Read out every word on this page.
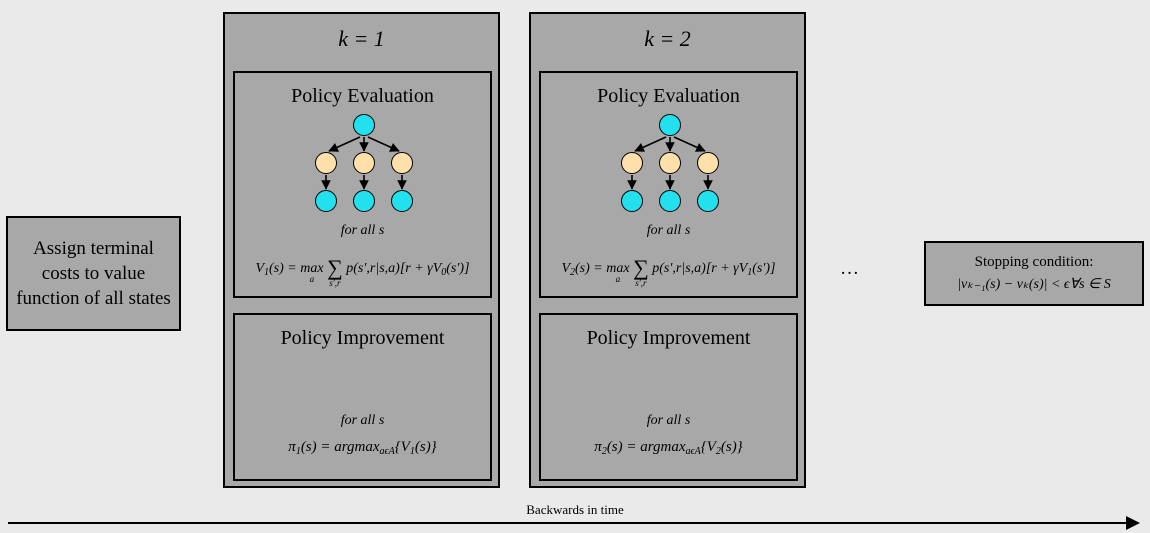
Assign terminal costs to value function of all states
k = 1
Policy Evaluation
for all s
$V_1(s)$ =
max
a

∑
s′,r
$p(s',r|s,a)[r + \gamma V_0(s')]$
Policy Improvement
for all s
$\pi_1(s) = argmax_{a\epsilon A}\{V_1(s)\}$
k = 2
Policy Evaluation
for all s
$V_2(s)$ =
max
a

∑
s′,r
$p(s',r|s,a)[r + \gamma V_1(s')]$
Policy Improvement
for all s
$\pi_2(s) = argmax_{a\epsilon A}\{V_2(s)\}$
…	Stopping condition:
|vₖ₋₁(s) − vₖ(s)| < ϵ∀s ∈ S
Backwards in time
